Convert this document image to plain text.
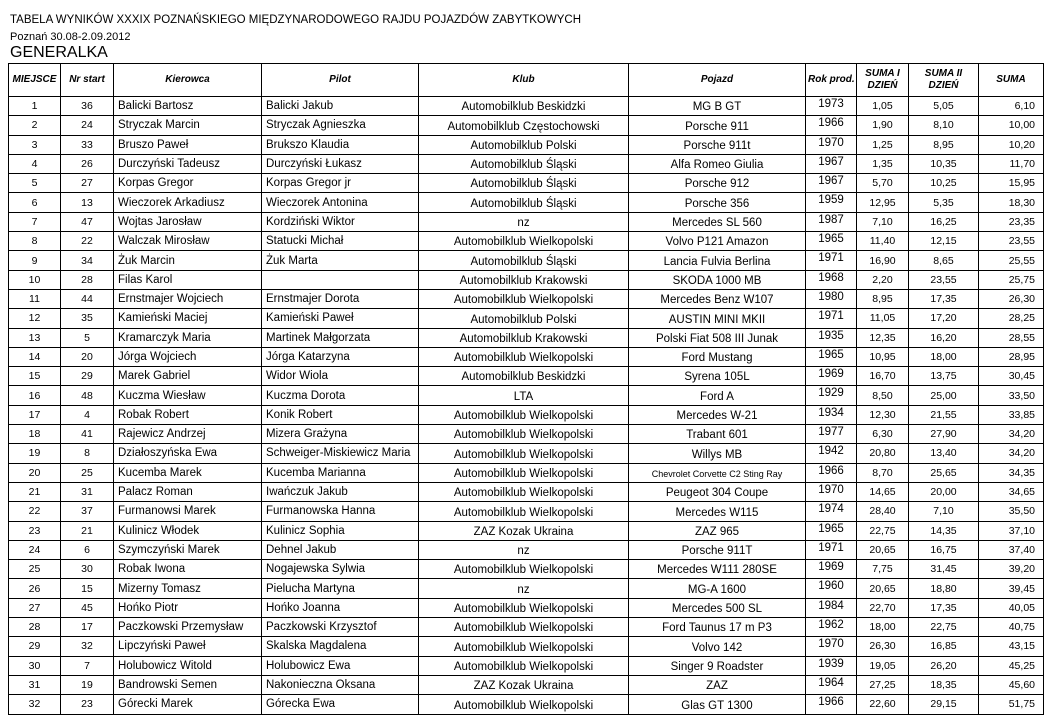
TABELA WYNIKÓW XXXIX POZNAŃSKIEGO MIĘDZYNARODOWEGO RAJDU POJAZDÓW ZABYTKOWYCH
Poznań 30.08-2.09.2012
GENERALKA
MIEJSCE	Nr start	Kierowca	Pilot	Klub	Pojazd	Rok prod.	SUMA I DZIEŃ	SUMA II DZIEŃ	SUMA
1	36	Balicki Bartosz	Balicki Jakub	Automobilklub Beskidzki	MG B GT	1973	1,05	5,05	6,10
2	24	Stryczak Marcin	Stryczak Agnieszka	Automobilklub Częstochowski	Porsche 911	1966	1,90	8,10	10,00
3	33	Bruszo Paweł	Brukszo Klaudia	Automobilklub Polski	Porsche 911t	1970	1,25	8,95	10,20
4	26	Durczyński Tadeusz	Durczyński Łukasz	Automobilklub Śląski	Alfa Romeo Giulia	1967	1,35	10,35	11,70
5	27	Korpas Gregor	Korpas Gregor jr	Automobilklub Śląski	Porsche 912	1967	5,70	10,25	15,95
6	13	Wieczorek Arkadiusz	Wieczorek Antonina	Automobilklub Śląski	Porsche 356	1959	12,95	5,35	18,30
7	47	Wojtas Jarosław	Kordziński Wiktor	nz	Mercedes SL 560	1987	7,10	16,25	23,35
8	22	Walczak Mirosław	Statucki Michał	Automobilklub Wielkopolski	Volvo P121 Amazon	1965	11,40	12,15	23,55
9	34	Żuk Marcin	Żuk Marta	Automobilklub Śląski	Lancia Fulvia Berlina	1971	16,90	8,65	25,55
10	28	Filas Karol		Automobilklub Krakowski	SKODA 1000 MB	1968	2,20	23,55	25,75
11	44	Ernstmajer Wojciech	Ernstmajer Dorota	Automobilklub Wielkopolski	Mercedes Benz W107	1980	8,95	17,35	26,30
12	35	Kamieński Maciej	Kamieński Paweł	Automobilklub Polski	AUSTIN MINI MKII	1971	11,05	17,20	28,25
13	5	Kramarczyk Maria	Martinek Małgorzata	Automobilklub Krakowski	Polski Fiat 508 III Junak	1935	12,35	16,20	28,55
14	20	Jórga Wojciech	Jórga Katarzyna	Automobilklub Wielkopolski	Ford Mustang	1965	10,95	18,00	28,95
15	29	Marek Gabriel	Widor Wiola	Automobilklub Beskidzki	Syrena 105L	1969	16,70	13,75	30,45
16	48	Kuczma Wiesław	Kuczma Dorota	LTA	Ford A	1929	8,50	25,00	33,50
17	4	Robak Robert	Konik Robert	Automobilklub Wielkopolski	Mercedes W-21	1934	12,30	21,55	33,85
18	41	Rajewicz Andrzej	Mizera Grażyna	Automobilklub Wielkopolski	Trabant 601	1977	6,30	27,90	34,20
19	8	Działoszyńska Ewa	Schweiger-Miskiewicz Maria	Automobilklub Wielkopolski	Willys MB	1942	20,80	13,40	34,20
20	25	Kucemba Marek	Kucemba Marianna	Automobilklub Wielkopolski	Chevrolet Corvette C2 Sting Ray	1966	8,70	25,65	34,35
21	31	Palacz Roman	Iwańczuk Jakub	Automobilklub Wielkopolski	Peugeot 304 Coupe	1970	14,65	20,00	34,65
22	37	Furmanowsi Marek	Furmanowska Hanna	Automobilklub Wielkopolski	Mercedes W115	1974	28,40	7,10	35,50
23	21	Kulinicz Włodek	Kulinicz Sophia	ZAZ Kozak Ukraina	ZAZ 965	1965	22,75	14,35	37,10
24	6	Szymczyński Marek	Dehnel Jakub	nz	Porsche 911T	1971	20,65	16,75	37,40
25	30	Robak Iwona	Nogajewska Sylwia	Automobilklub Wielkopolski	Mercedes W111 280SE	1969	7,75	31,45	39,20
26	15	Mizerny Tomasz	Pielucha Martyna	nz	MG-A 1600	1960	20,65	18,80	39,45
27	45	Hońko Piotr	Hońko Joanna	Automobilklub Wielkopolski	Mercedes 500 SL	1984	22,70	17,35	40,05
28	17	Paczkowski Przemysław	Paczkowski Krzysztof	Automobilklub Wielkopolski	Ford Taunus 17 m P3	1962	18,00	22,75	40,75
29	32	Lipczyński Paweł	Skalska Magdalena	Automobilklub Wielkopolski	Volvo 142	1970	26,30	16,85	43,15
30	7	Holubowicz Witold	Holubowicz Ewa	Automobilklub Wielkopolski	Singer 9 Roadster	1939	19,05	26,20	45,25
31	19	Bandrowski Semen	Nakonieczna Oksana	ZAZ Kozak Ukraina	ZAZ	1964	27,25	18,35	45,60
32	23	Górecki Marek	Górecka Ewa	Automobilklub Wielkopolski	Glas GT 1300	1966	22,60	29,15	51,75
